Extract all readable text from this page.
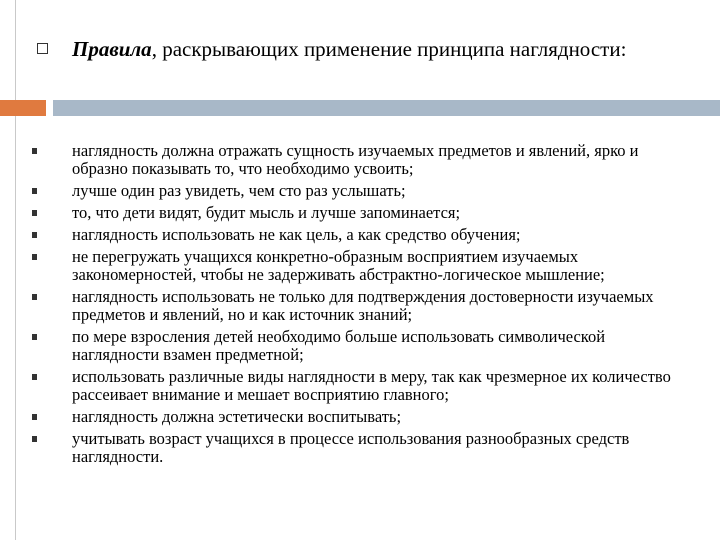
Правила, раскрывающих применение принципа наглядности:
наглядность должна отражать сущность изучаемых предметов и явлений, ярко и образно показывать то, что необходимо усвоить;
лучше один раз увидеть, чем сто раз услышать;
то, что дети видят, будит мысль и лучше запоминается;
наглядность использовать не как цель, а как средство обучения;
не перегружать учащихся конкретно-образным восприятием изучаемых закономерностей, чтобы не задерживать абстрактно-логическое мышление;
наглядность использовать не только для подтверждения достоверности изучаемых предметов и явлений, но и как источник знаний;
по мере взросления детей необходимо больше использовать символической наглядности взамен предметной;
использовать различные виды наглядности в меру, так как чрезмерное их количество рассеивает внимание и мешает восприятию главного;
наглядность должна эстетически воспитывать;
учитывать возраст учащихся в процессе использования разнообразных средств наглядности.
